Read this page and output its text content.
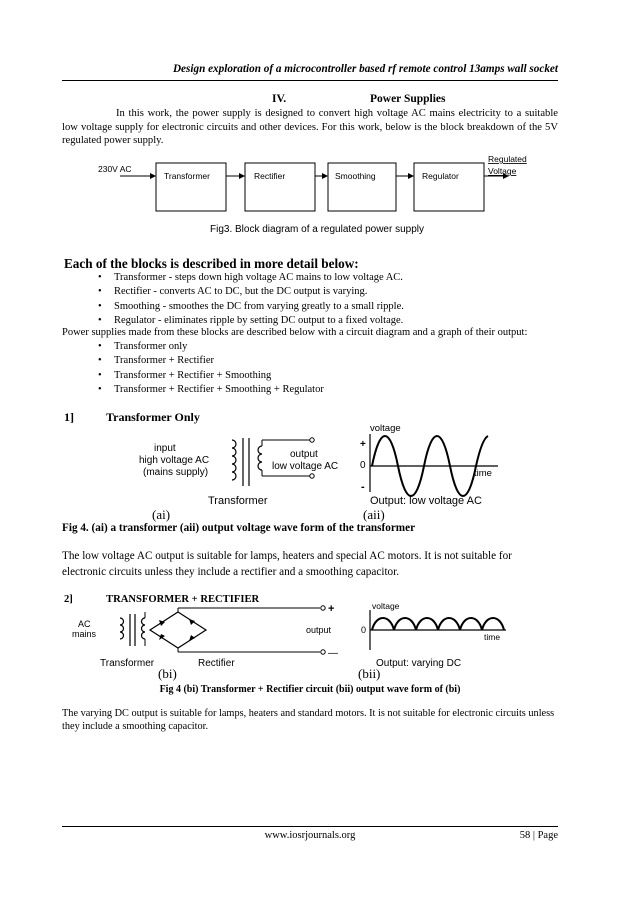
Design exploration of a microcontroller based rf remote control 13amps wall socket
IV.	Power Supplies
In this work, the power supply is designed to convert high voltage AC mains electricity to a suitable low voltage supply for electronic circuits and other devices. For this work, below is the block breakdown of the 5V regulated power supply.
230V AC
Transformer	Rectifier	Smoothing	Regulator
Regulated
Voltage
Fig3. Block diagram of a regulated power supply
Each of the blocks is described in more detail below:
• Transformer - steps down high voltage AC mains to low voltage AC.
• Rectifier - converts AC to DC, but the DC output is varying.
• Smoothing - smoothes the DC from varying greatly to a small ripple.
• Regulator - eliminates ripple by setting DC output to a fixed voltage.
Power supplies made from these blocks are described below with a circuit diagram and a graph of their output:
• Transformer only
• Transformer + Rectifier
• Transformer + Rectifier + Smoothing
• Transformer + Rectifier + Smoothing + Regulator
1]	Transformer Only
input
high voltage AC
(mains supply)
output
low voltage AC
Transformer
voltage
+
0
-
time
Output: low voltage AC
(ai)	(aii)
Fig 4. (ai) a transformer (aii) output voltage wave form of the transformer
The low voltage AC output is suitable for lamps, heaters and special AC motors. It is not suitable for electronic circuits unless they include a rectifier and a smoothing capacitor.
2]	TRANSFORMER + RECTIFIER
AC
mains
+
—
output
Transformer	Rectifier
voltage
0
time
Output: varying DC
(bi)	(bii)
Fig 4 (bi) Transformer + Rectifier circuit (bii) output wave form of (bi)
The varying DC output is suitable for lamps, heaters and standard motors. It is not suitable for electronic circuits unless they include a smoothing capacitor.
www.iosrjournals.org	58 | Page
